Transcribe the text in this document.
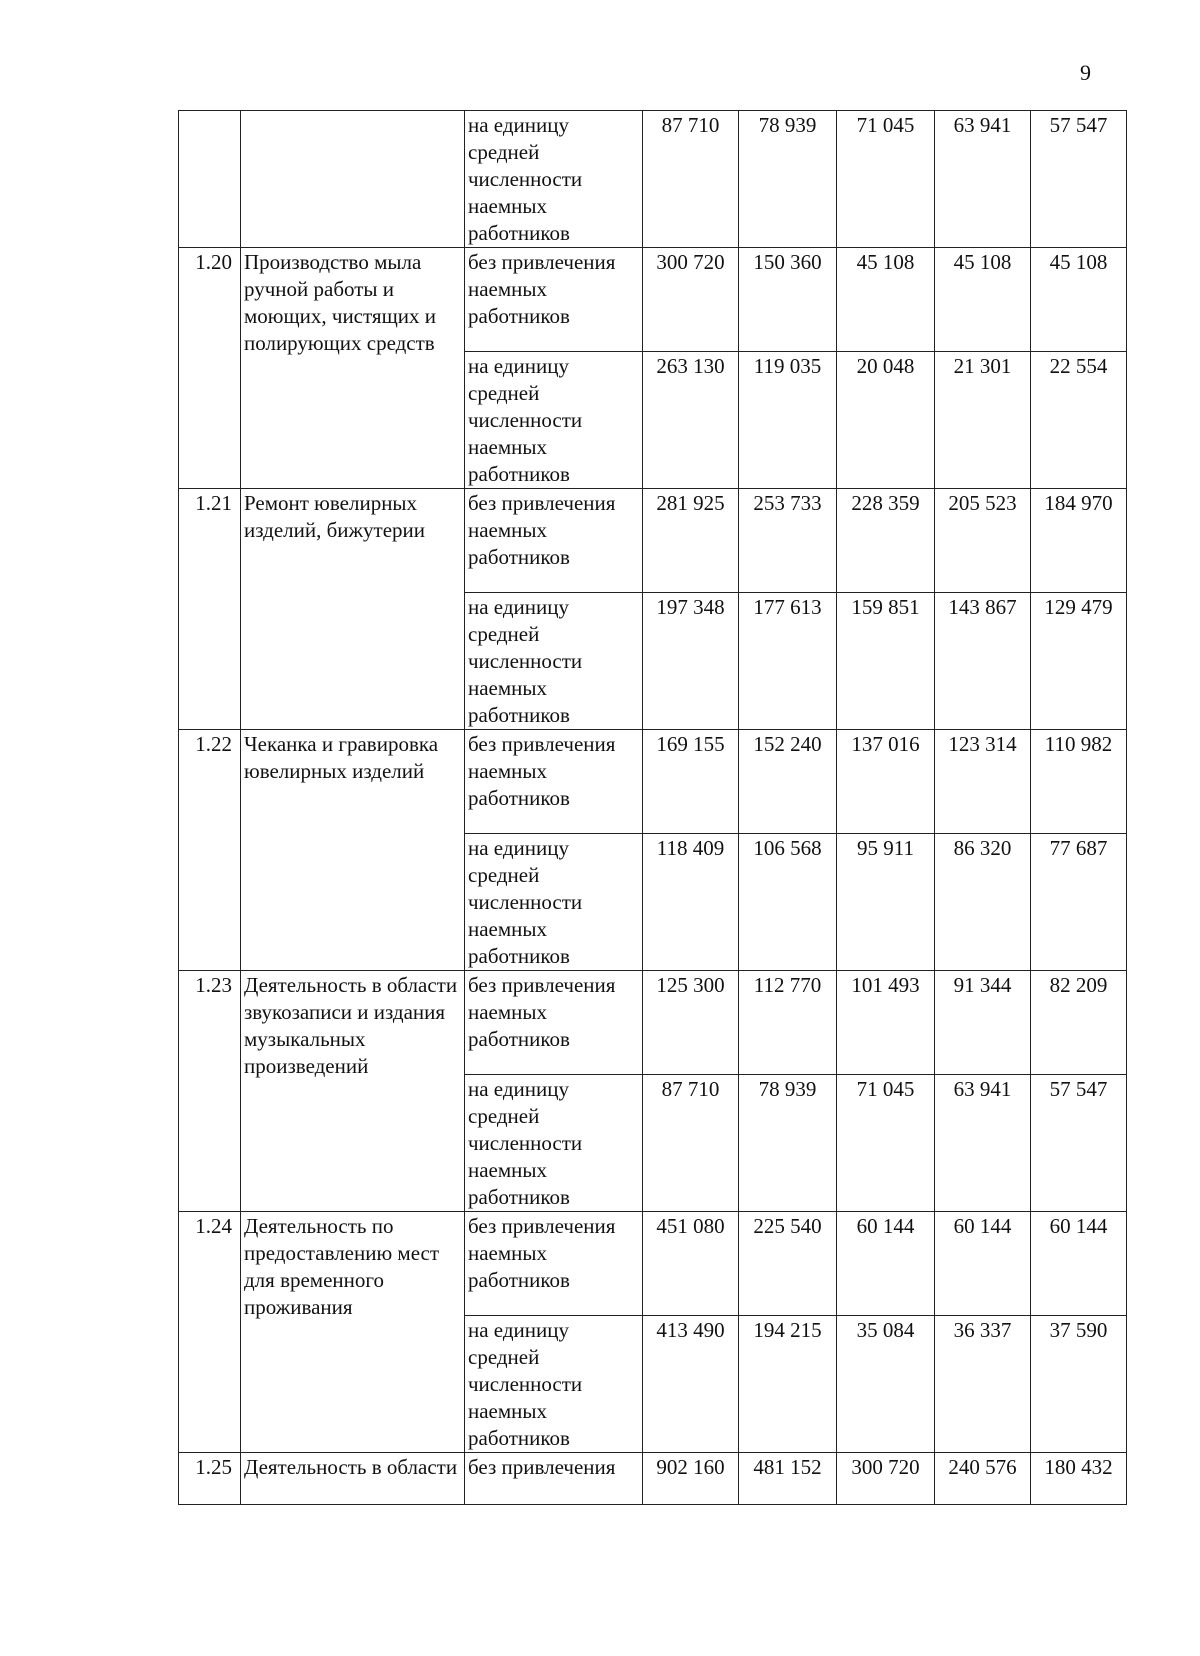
9
		на единицу средней численности наемных работников	87 710	78 939	71 045	63 941	57 547
1.20	Производство мыла ручной работы и моющих, чистящих и полирующих средств	без привлечения наемных работников	300 720	150 360	45 108	45 108	45 108
		на единицу средней численности наемных работников	263 130	119 035	20 048	21 301	22 554
1.21	Ремонт ювелирных изделий, бижутерии	без привлечения наемных работников	281 925	253 733	228 359	205 523	184 970
		на единицу средней численности наемных работников	197 348	177 613	159 851	143 867	129 479
1.22	Чеканка и гравировка ювелирных изделий	без привлечения наемных работников	169 155	152 240	137 016	123 314	110 982
		на единицу средней численности наемных работников	118 409	106 568	95 911	86 320	77 687
1.23	Деятельность в области звукозаписи и издания музыкальных произведений	без привлечения наемных работников	125 300	112 770	101 493	91 344	82 209
		на единицу средней численности наемных работников	87 710	78 939	71 045	63 941	57 547
1.24	Деятельность по предоставлению мест для временного проживания	без привлечения наемных работников	451 080	225 540	60 144	60 144	60 144
		на единицу средней численности наемных работников	413 490	194 215	35 084	36 337	37 590
1.25	Деятельность в области	без привлечения	902 160	481 152	300 720	240 576	180 432
